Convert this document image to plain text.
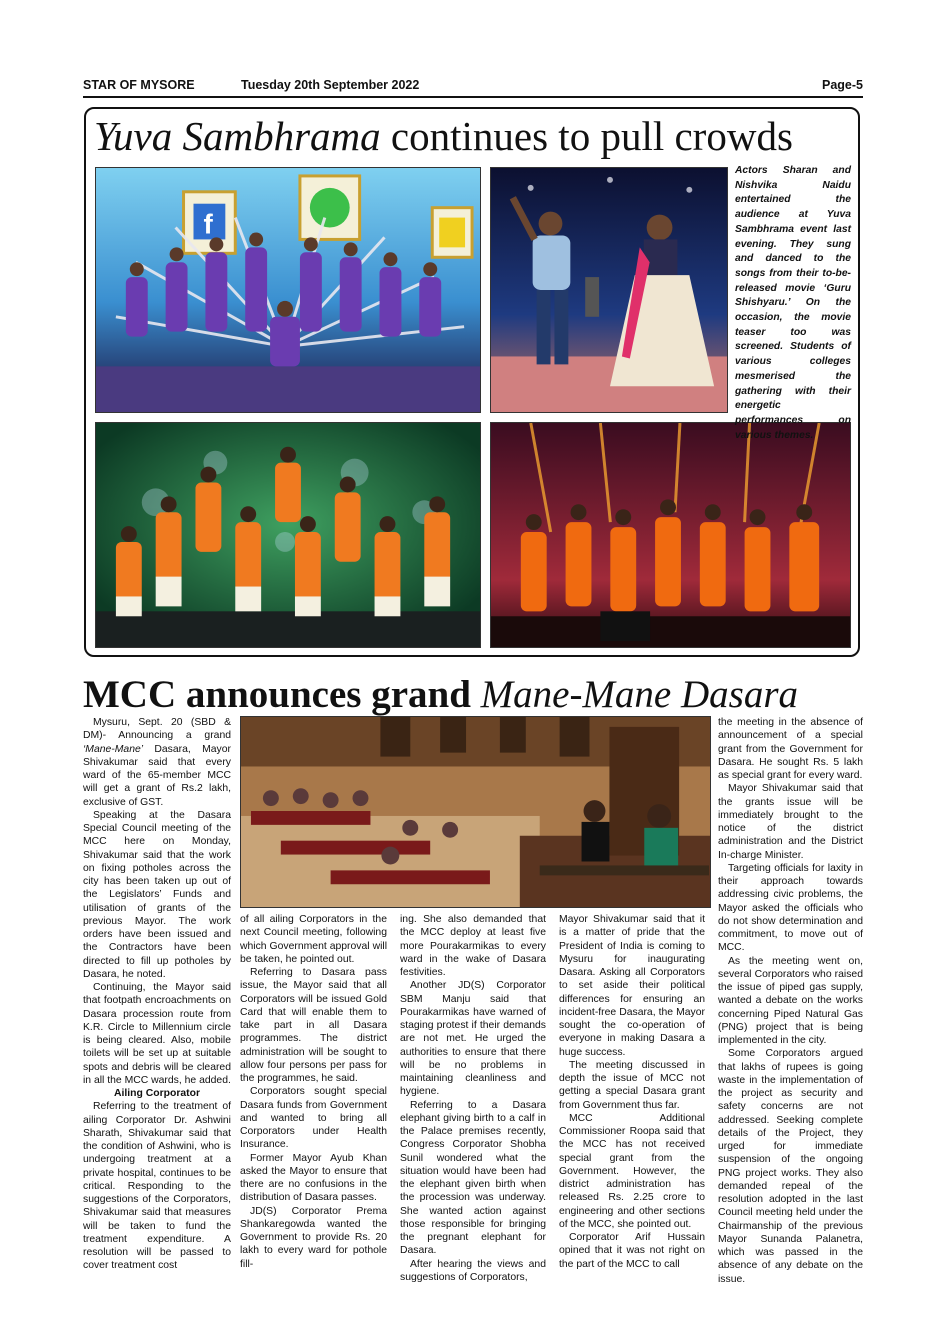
STAR OF MYSORE	Tuesday 20th September 2022	Page-5
Yuva Sambhrama continues to pull crowds
f
Actors Sharan and Nishvika Naidu entertained the audience at Yuva Sambhrama event last evening. They sung and danced to the songs from their to-be-released movie ‘Guru Shishyaru.’ On the occasion, the movie teaser too was screened. Students of various colleges mesmerised the gathering with their energetic performances on various themes.
MCC announces grand Mane-Mane Dasara

Mysuru, Sept. 20 (SBD & DM)- Announcing a grand ‘Mane-Mane’ Dasara, Mayor Shivakumar said that every ward of the 65-member MCC will get a grant of Rs.2 lakh, exclusive of GST.

Speaking at the Dasara Special Council meeting of the MCC here on Monday, Shivakumar said that the work on fixing potholes across the city has been taken up out of the Legislators’ Funds and utilisation of grants of the previous Mayor. The work orders have been issued and the Contractors have been directed to fill up potholes by Dasara, he noted.

Continuing, the Mayor said that footpath encroachments on Dasara procession route from K.R. Circle to Millennium circle is being cleared. Also, mobile toilets will be set up at suitable spots and debris will be cleared in all the MCC wards, he added.

Ailing Corporator

Referring to the treatment of ailing Corporator Dr. Ashwini Sharath, Shivakumar said that the condition of Ashwini, who is undergoing treatment at a private hospital, continues to be critical. Responding to the suggestions of the Corporators, Shivakumar said that measures will be taken to fund the treatment expenditure. A resolution will be passed to cover treatment cost

of all ailing Corporators in the next Council meeting, following which Government approval will be taken, he pointed out.

Referring to Dasara pass issue, the Mayor said that all Corporators will be issued Gold Card that will enable them to take part in all Dasara programmes. The district administration will be sought to allow four persons per pass for the programmes, he said.

Corporators sought special Dasara funds from Government and wanted to bring all Corporators under Health Insurance.

Former Mayor Ayub Khan asked the Mayor to ensure that there are no confusions in the distribution of Dasara passes.

JD(S) Corporator Prema Shankaregowda wanted the Government to provide Rs. 20 lakh to every ward for pothole fill-

ing. She also demanded that the MCC deploy at least five more Pourakarmikas to every ward in the wake of Dasara festivities.

Another JD(S) Corporator SBM Manju said that Pourakarmikas have warned of staging protest if their demands are not met. He urged the authorities to ensure that there will be no problems in maintaining cleanliness and hygiene.

Referring to a Dasara elephant giving birth to a calf in the Palace premises recently, Congress Corporator Shobha Sunil wondered what the situation would have been had the elephant given birth when the procession was underway. She wanted action against those responsible for bringing the pregnant elephant for Dasara.

After hearing the views and suggestions of Corporators,

Mayor Shivakumar said that it is a matter of pride that the President of India is coming to Mysuru for inaugurating Dasara. Asking all Corporators to set aside their political differences for ensuring an incident-free Dasara, the Mayor sought the co-operation of everyone in making Dasara a huge success.

The meeting discussed in depth the issue of MCC not getting a special Dasara grant from Government thus far.

MCC Additional Commissioner Roopa said that the MCC has not received special grant from the Government. However, the district administration has released Rs. 2.25 crore to engineering and other sections of the MCC, she pointed out.

Corporator Arif Hussain opined that it was not right on the part of the MCC to call

the meeting in the absence of announcement of a special grant from the Government for Dasara. He sought Rs. 5 lakh as special grant for every ward.

Mayor Shivakumar said that the grants issue will be immediately brought to the notice of the district administration and the District In-charge Minister.

Targeting officials for laxity in their approach towards addressing civic problems, the Mayor asked the officials who do not show determination and commitment, to move out of MCC.

As the meeting went on, several Corporators who raised the issue of piped gas supply, wanted a debate on the works concerning Piped Natural Gas (PNG) project that is being implemented in the city.

Some Corporators argued that lakhs of rupees is going waste in the implementation of the project as security and safety concerns are not addressed. Seeking complete details of the Project, they urged for immediate suspension of the ongoing PNG project works. They also demanded repeal of the resolution adopted in the last Council meeting held under the Chairmanship of the previous Mayor Sunanda Palanetra, which was passed in the absence of any debate on the issue.
